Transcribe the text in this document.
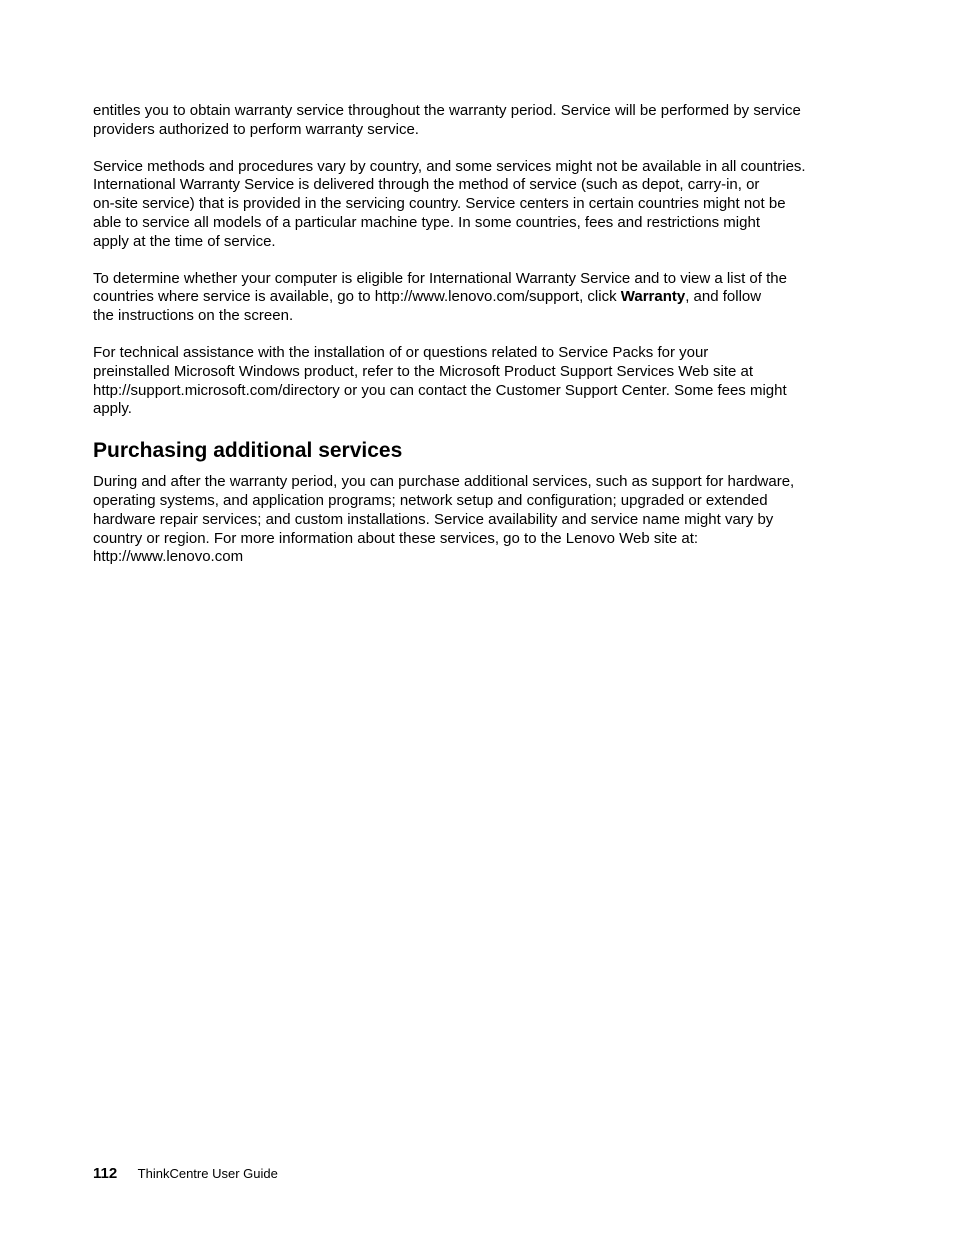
entitles you to obtain warranty service throughout the warranty period. Service will be performed by service
providers authorized to perform warranty service.

Service methods and procedures vary by country, and some services might not be available in all countries.
International Warranty Service is delivered through the method of service (such as depot, carry-in, or
on-site service) that is provided in the servicing country. Service centers in certain countries might not be
able to service all models of a particular machine type. In some countries, fees and restrictions might
apply at the time of service.

To determine whether your computer is eligible for International Warranty Service and to view a list of the
countries where service is available, go to http://www.lenovo.com/support, click Warranty, and follow
the instructions on the screen.

For technical assistance with the installation of or questions related to Service Packs for your
preinstalled Microsoft Windows product, refer to the Microsoft Product Support Services Web site at
http://support.microsoft.com/directory or you can contact the Customer Support Center. Some fees might
apply.

Purchasing additional services

During and after the warranty period, you can purchase additional services, such as support for hardware,
operating systems, and application programs; network setup and configuration; upgraded or extended
hardware repair services; and custom installations. Service availability and service name might vary by
country or region. For more information about these services, go to the Lenovo Web site at:
http://www.lenovo.com

112 ThinkCentre User Guide
